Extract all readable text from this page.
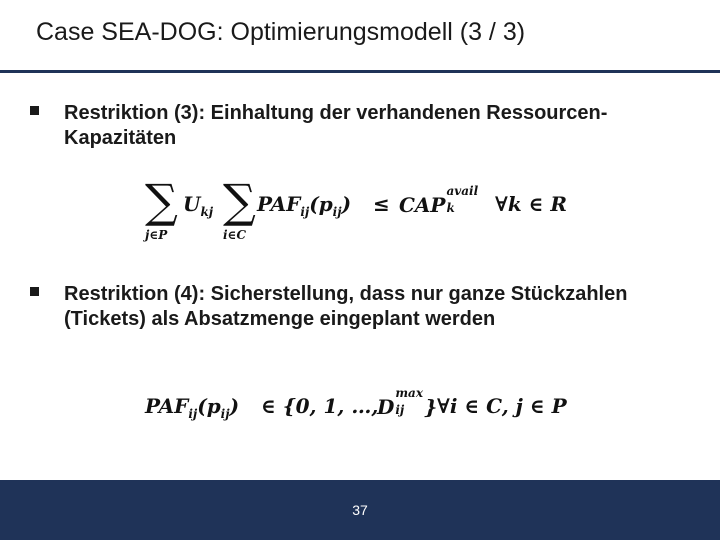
Case SEA-DOG: Optimierungsmodell (3 / 3)
Restriktion (3): Einhaltung der verhandenen Ressourcen-Kapazitäten
∑
j∈P
$U_{kj}$ ∑
i∈C
$PAF_{ij}(p_{ij})$ ≤ CAP
avail
k ∀k ∈ R
Restriktion (4): Sicherstellung, dass nur ganze Stückzahlen (Tickets) als Absatzmenge eingeplant werden
$PAF_{ij}(p_{ij})$ ∈ {0, 1, …,
D
max
ij } ∀i ∈ C, j ∈ P
37
